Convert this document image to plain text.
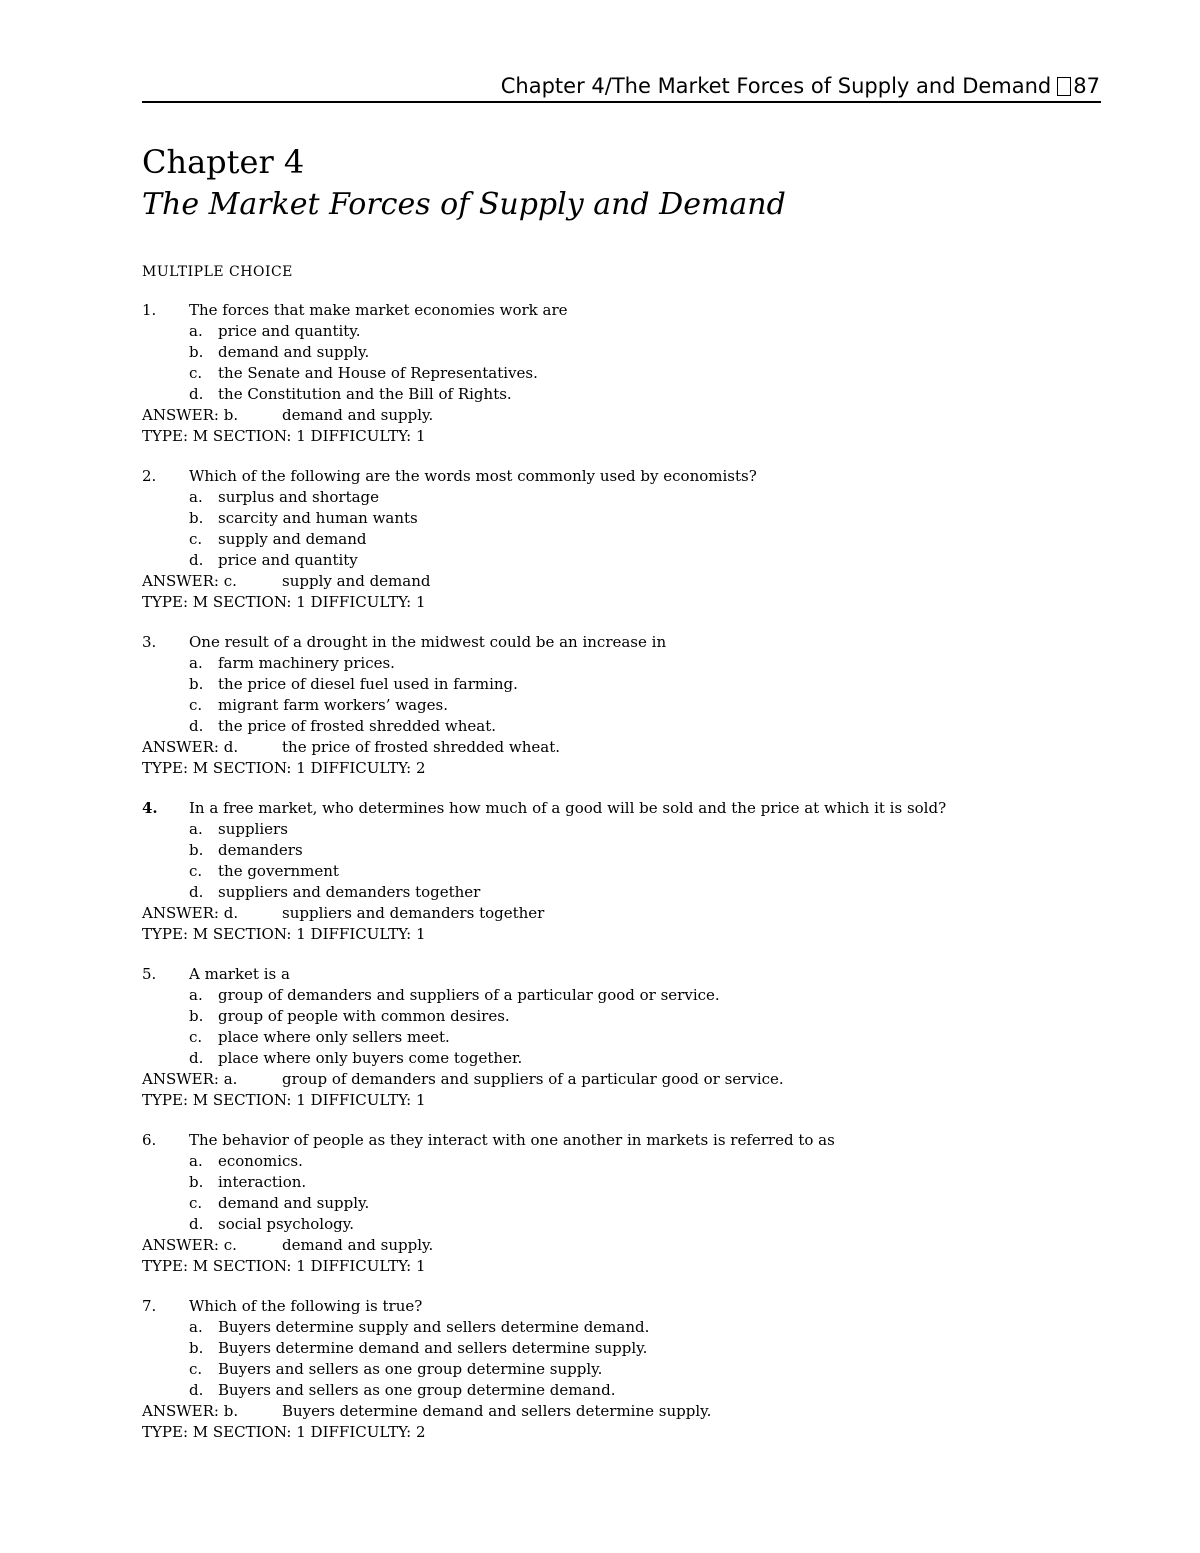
Chapter 4/The Market Forces of Supply and Demand 87
Chapter 4
The Market Forces of Supply and Demand
MULTIPLE CHOICE
1.	The forces that make market economies work are
a.	price and quantity.
b. demand and supply.
c.	the Senate and House of Representatives.
d. the Constitution and the Bill of Rights.
ANSWER: b.	demand and supply.
TYPE: M SECTION: 1 DIFFICULTY: 1
2.	Which of the following are the words most commonly used by economists?
a.	surplus and shortage
b. scarcity and human wants
c.	supply and demand
d. price and quantity
ANSWER: c.	supply and demand
TYPE: M SECTION: 1 DIFFICULTY: 1
3.	One result of a drought in the midwest could be an increase in
a.	farm machinery prices.
b. the price of diesel fuel used in farming.
c.	migrant farm workers’ wages.
d. the price of frosted shredded wheat.
ANSWER: d.	the price of frosted shredded wheat.
TYPE: M SECTION: 1 DIFFICULTY: 2
4.	In a free market, who determines how much of a good will be sold and the price at which it is sold?
a.	suppliers
b. demanders
c.	the government
d. suppliers and demanders together
ANSWER: d.	suppliers and demanders together
TYPE: M SECTION: 1 DIFFICULTY: 1
5.	A market is a
a.	group of demanders and suppliers of a particular good or service.
b. group of people with common desires.
c.	place where only sellers meet.
d. place where only buyers come together.
ANSWER: a.	group of demanders and suppliers of a particular good or service.
TYPE: M SECTION: 1 DIFFICULTY: 1
6.	The behavior of people as they interact with one another in markets is referred to as
a.	economics.
b. interaction.
c.	demand and supply.
d. social psychology.
ANSWER: c.	demand and supply.
TYPE: M SECTION: 1 DIFFICULTY: 1
7.	Which of the following is true?
a.	Buyers determine supply and sellers determine demand.
b. Buyers determine demand and sellers determine supply.
c.	Buyers and sellers as one group determine supply.
d. Buyers and sellers as one group determine demand.
ANSWER: b.	Buyers determine demand and sellers determine supply.
TYPE: M SECTION: 1 DIFFICULTY: 2
